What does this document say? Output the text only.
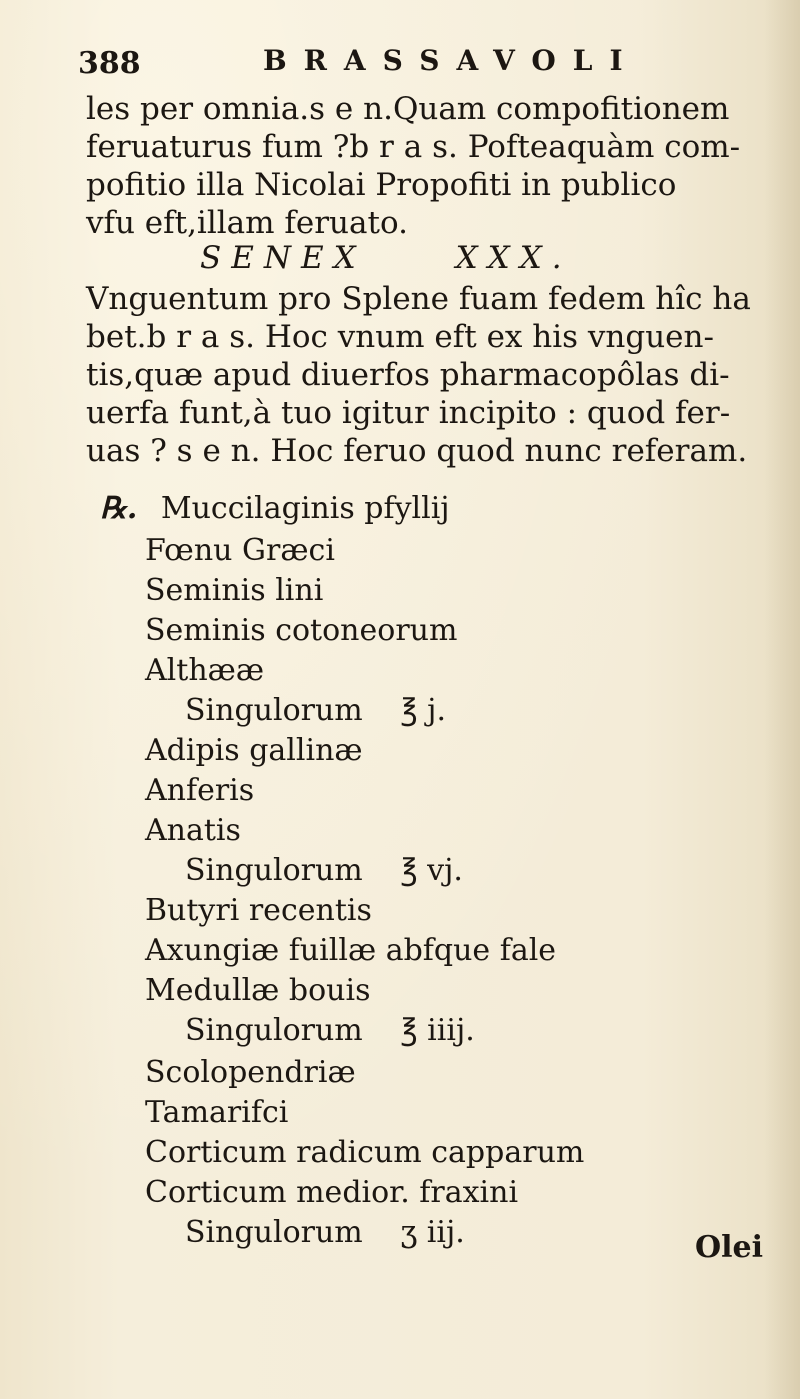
388	BRASSAVOLI
les per omnia.s e n.Quam compofitionem
feruaturus fum ?b r a s. Pofteaquàm com-
pofitio illa Nicolai Propofiti in publico
vfu eft,illam feruato.
SENEX	XXX.
Vnguentum pro Splene fuam fedem hîc ha
bet.b r a s. Hoc vnum eft ex his vnguen-
tis,quæ apud diuerfos pharmacopôlas di-
uerfa funt,à tuo igitur incipito : quod fer-
uas ? s e n. Hoc feruo quod nunc referam.
℞. Muccilaginis pfyllij
Fœnu Græci
Seminis lini
Seminis cotoneorum
Althææ
Singulorum ℥ j.
Adipis gallinæ
Anferis
Anatis
Singulorum ℥ vj.
Butyri recentis
Axungiæ fuillæ abfque fale
Medullæ bouis
Singulorum ℥ iiij.
Scolopendriæ
Tamarifci
Corticum radicum capparum
Corticum medior. fraxini
Singulorum ʒ iij.	Olei
